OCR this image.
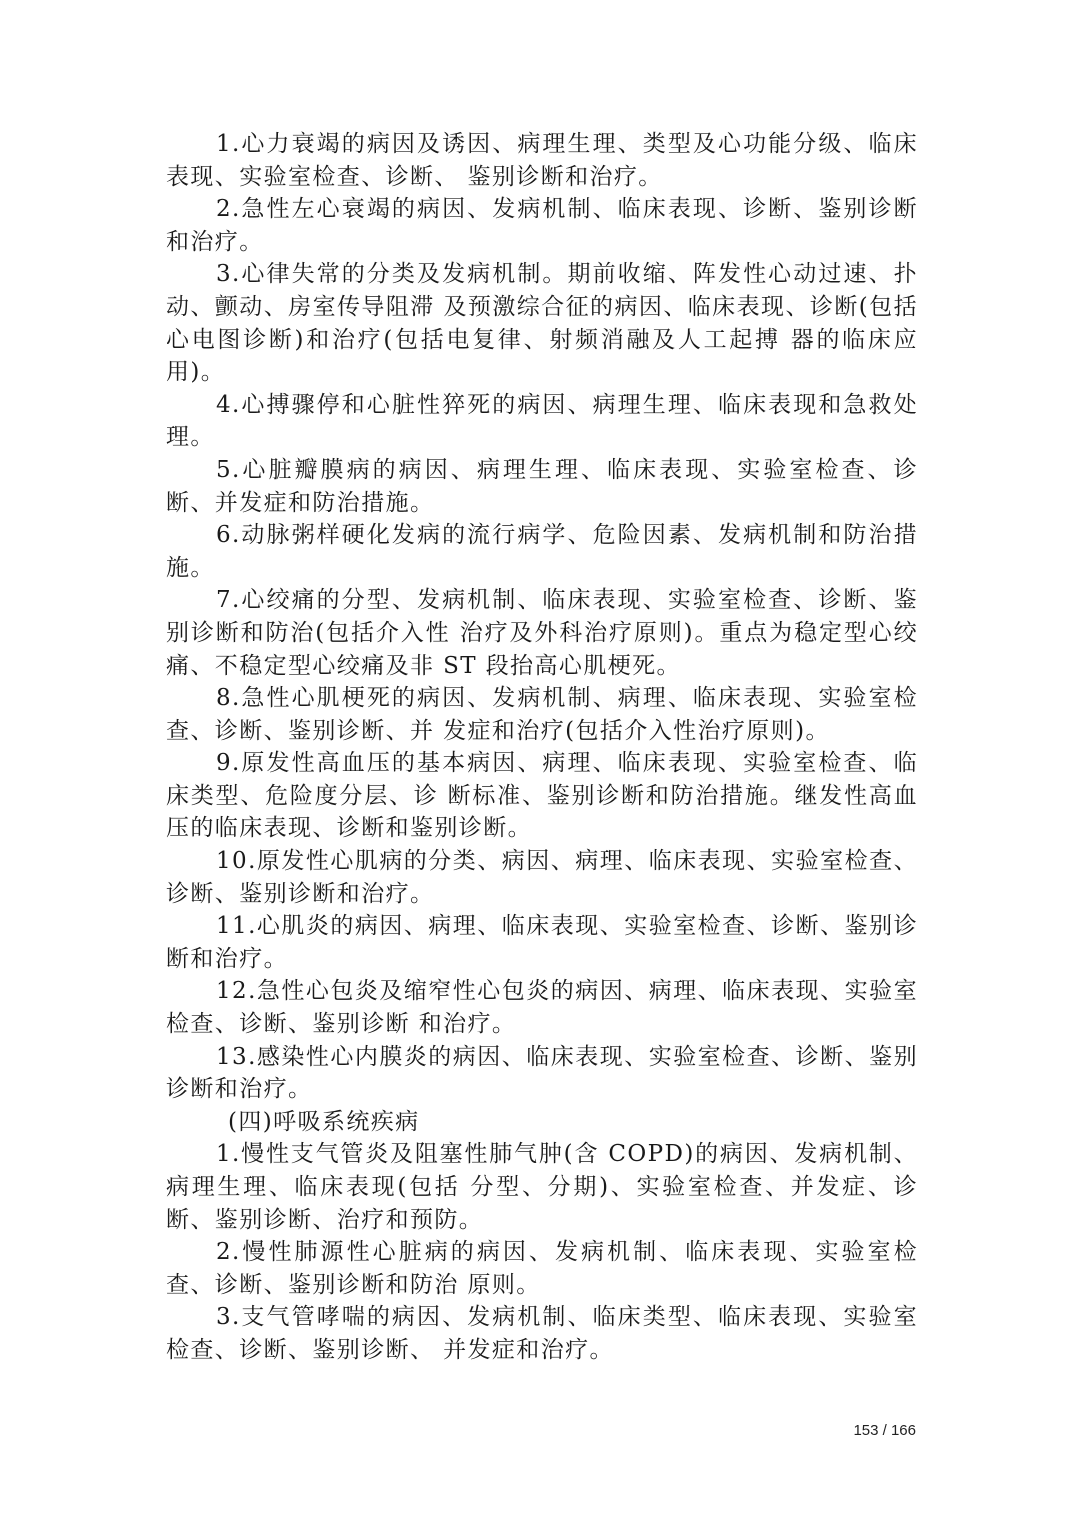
1.心力衰竭的病因及诱因、病理生理、类型及心功能分级、临床表现、实验室检查、诊断、 鉴别诊断和治疗。

2.急性左心衰竭的病因、发病机制、临床表现、诊断、鉴别诊断和治疗。

3.心律失常的分类及发病机制。期前收缩、阵发性心动过速、扑动、颤动、房室传导阻滞 及预激综合征的病因、临床表现、诊断(包括心电图诊断)和治疗(包括电复律、射频消融及人工起搏 器的临床应用)。

4.心搏骤停和心脏性猝死的病因、病理生理、临床表现和急救处理。

5.心脏瓣膜病的病因、病理生理、临床表现、实验室检查、诊断、并发症和防治措施。

6.动脉粥样硬化发病的流行病学、危险因素、发病机制和防治措施。

7.心绞痛的分型、发病机制、临床表现、实验室检查、诊断、鉴别诊断和防治(包括介入性 治疗及外科治疗原则)。重点为稳定型心绞痛、不稳定型心绞痛及非 ST 段抬高心肌梗死。

8.急性心肌梗死的病因、发病机制、病理、临床表现、实验室检查、诊断、鉴别诊断、并 发症和治疗(包括介入性治疗原则)。

9.原发性高血压的基本病因、病理、临床表现、实验室检查、临床类型、危险度分层、诊 断标准、鉴别诊断和防治措施。继发性高血压的临床表现、诊断和鉴别诊断。

10.原发性心肌病的分类、病因、病理、临床表现、实验室检查、诊断、鉴别诊断和治疗。

11.心肌炎的病因、病理、临床表现、实验室检查、诊断、鉴别诊断和治疗。

12.急性心包炎及缩窄性心包炎的病因、病理、临床表现、实验室检查、诊断、鉴别诊断 和治疗。

13.感染性心内膜炎的病因、临床表现、实验室检查、诊断、鉴别诊断和治疗。

(四)呼吸系统疾病

1.慢性支气管炎及阻塞性肺气肿(含 COPD)的病因、发病机制、病理生理、临床表现(包括 分型、分期)、实验室检查、并发症、诊断、鉴别诊断、治疗和预防。

2.慢性肺源性心脏病的病因、发病机制、临床表现、实验室检查、诊断、鉴别诊断和防治 原则。

3.支气管哮喘的病因、发病机制、临床类型、临床表现、实验室检查、诊断、鉴别诊断、 并发症和治疗。

153 / 166
